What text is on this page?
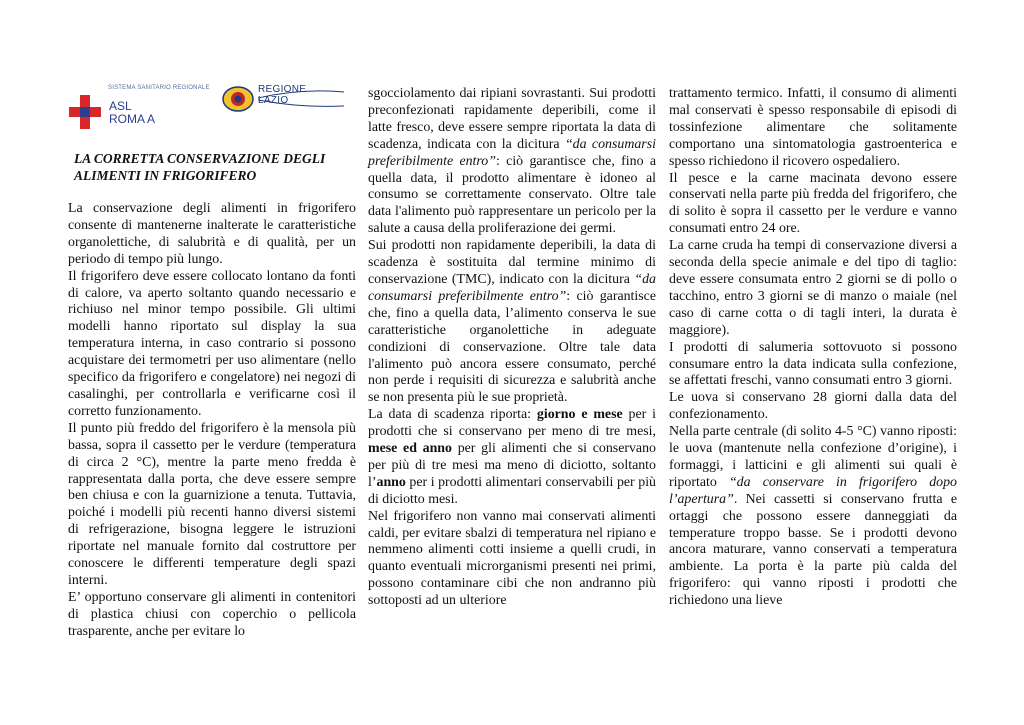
SISTEMA SANITARIO REGIONALE
ASL
ROMA A
REGIONE
LAZIO
LA CORRETTA CONSERVAZIONE DEGLI
ALIMENTI IN FRIGORIFERO

La conservazione degli alimenti in frigorifero consente di mantenerne inalterate le caratteristiche organolettiche, di salubrità e di qualità, per un periodo di tempo più lungo.

Il frigorifero deve essere collocato lontano da fonti di calore, va aperto soltanto quando necessario e richiuso nel minor tempo possibile. Gli ultimi modelli hanno riportato sul display la sua temperatura interna, in caso contrario si possono acquistare dei termometri per uso alimentare (nello specifico da frigorifero e congelatore) nei negozi di casalinghi, per controllarla e verificarne così il corretto funzionamento.

Il punto più freddo del frigorifero è la mensola più bassa, sopra il cassetto per le verdure (temperatura di circa 2 °C), mentre la parte meno fredda è rappresentata dalla porta, che deve essere sempre ben chiusa e con la guarnizione a tenuta. Tuttavia, poiché i modelli più recenti hanno diversi sistemi di refrigerazione, bisogna leggere le istruzioni riportate nel manuale fornito dal costruttore per conoscere le differenti temperature degli spazi interni.

E’ opportuno conservare gli alimenti in contenitori di plastica chiusi con coperchio o pellicola trasparente, anche per evitare lo

sgocciolamento dai ripiani sovrastanti. Sui prodotti preconfezionati rapidamente deperibili, come il latte fresco, deve essere sempre riportata la data di scadenza, indicata con la dicitura “da consumarsi preferibilmente entro”: ciò garantisce che, fino a quella data, il prodotto alimentare è idoneo al consumo se correttamente conservato. Oltre tale data l'alimento può rappresentare un pericolo per la salute a causa della proliferazione dei germi.

Sui prodotti non rapidamente deperibili, la data di scadenza è sostituita dal termine minimo di conservazione (TMC), indicato con la dicitura “da consumarsi preferibilmente entro”: ciò garantisce che, fino a quella data, l’alimento conserva le sue caratteristiche organolettiche in adeguate condizioni di conservazione. Oltre tale data l'alimento può ancora essere consumato, perché non perde i requisiti di sicurezza e salubrità anche se non presenta più le sue proprietà.

La data di scadenza riporta: giorno e mese per i prodotti che si conservano per meno di tre mesi, mese ed anno per gli alimenti che si conservano per più di tre mesi ma meno di diciotto, soltanto l’anno per i prodotti alimentari conservabili per più di diciotto mesi.

Nel frigorifero non vanno mai conservati alimenti caldi, per evitare sbalzi di temperatura nel ripiano e nemmeno alimenti cotti insieme a quelli crudi, in quanto eventuali microrganismi presenti nei primi, possono contaminare cibi che non andranno più sottoposti ad un ulteriore

trattamento termico. Infatti, il consumo di alimenti mal conservati è spesso responsabile di episodi di tossinfezione alimentare che solitamente comportano una sintomatologia gastroenterica e spesso richiedono il ricovero ospedaliero.

Il pesce e la carne macinata devono essere conservati nella parte più fredda del frigorifero, che di solito è sopra il cassetto per le verdure e vanno consumati entro 24 ore.

La carne cruda ha tempi di conservazione diversi a seconda della specie animale e del tipo di taglio: deve essere consumata entro 2 giorni se di pollo o tacchino, entro 3 giorni se di manzo o maiale (nel caso di carne cotta o di tagli interi, la durata è maggiore).

I prodotti di salumeria sottovuoto si possono consumare entro la data indicata sulla confezione, se affettati freschi, vanno consumati entro 3 giorni.

Le uova si conservano 28 giorni dalla data del confezionamento.

Nella parte centrale (di solito 4-5 °C) vanno riposti: le uova (mantenute nella confezione d’origine), i formaggi, i latticini e gli alimenti sui quali è riportato “da conservare in frigorifero dopo l’apertura”. Nei cassetti si conservano frutta e ortaggi che possono essere danneggiati da temperature troppo basse. Se i prodotti devono ancora maturare, vanno conservati a temperatura ambiente. La porta è la parte più calda del frigorifero: qui vanno riposti i prodotti che richiedono una lieve
